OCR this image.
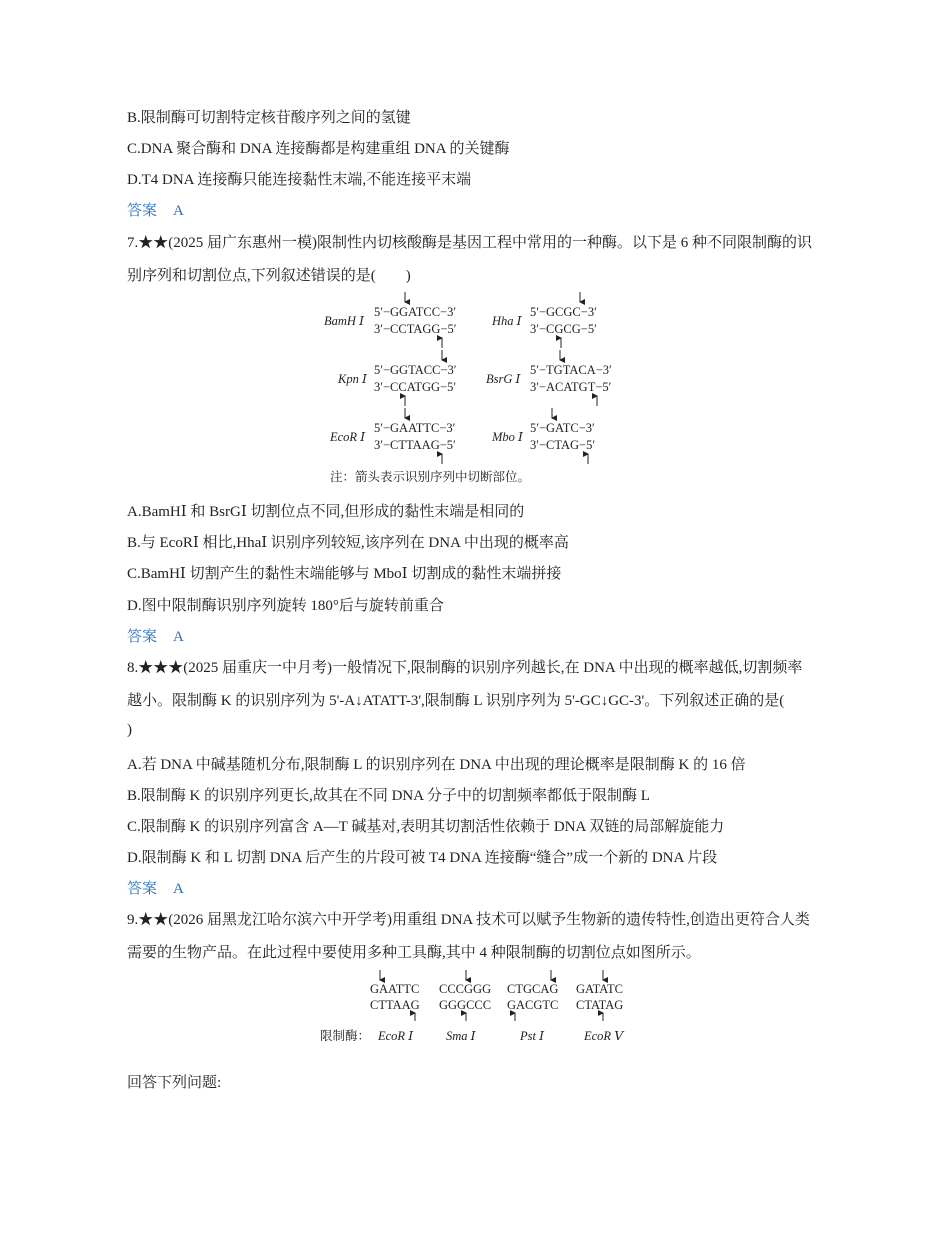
B.限制酶可切割特定核苷酸序列之间的氢键
C.DNA 聚合酶和 DNA 连接酶都是构建重组 DNA 的关键酶
D.T4 DNA 连接酶只能连接黏性末端,不能连接平末端
答案 A
7.★★(2025 届广东惠州一模)限制性内切核酸酶是基因工程中常用的一种酶。以下是 6 种不同限制酶的识
别序列和切割位点,下列叙述错误的是(　　)
BamH Ⅰ
5′−GGATCC−3′
3′−CCTAGG−5′
Hha Ⅰ
5′−GCGC−3′
3′−CGCG−5′
Kpn Ⅰ
5′−GGTACC−3′
3′−CCATGG−5′
BsrG Ⅰ
5′−TGTACA−3′
3′−ACATGT−5′
EcoR Ⅰ
5′−GAATTC−3′
3′−CTTAAG−5′
Mbo Ⅰ
5′−GATC−3′
3′−CTAG−5′
注：箭头表示识别序列中切断部位。
A.BamHⅠ 和 BsrGⅠ 切割位点不同,但形成的黏性末端是相同的
B.与 EcoRⅠ 相比,HhaⅠ 识别序列较短,该序列在 DNA 中出现的概率高
C.BamHⅠ 切割产生的黏性末端能够与 MboⅠ 切割成的黏性末端拼接
D.图中限制酶识别序列旋转 180°后与旋转前重合
答案 A
8.★★★(2025 届重庆一中月考)一般情况下,限制酶的识别序列越长,在 DNA 中出现的概率越低,切割频率
越小。限制酶 K 的识别序列为 5'-A↓ATATT-3',限制酶 L 识别序列为 5'-GC↓GC-3'。下列叙述正确的是(
)
A.若 DNA 中碱基随机分布,限制酶 L 的识别序列在 DNA 中出现的理论概率是限制酶 K 的 16 倍
B.限制酶 K 的识别序列更长,故其在不同 DNA 分子中的切割频率都低于限制酶 L
C.限制酶 K 的识别序列富含 A—T 碱基对,表明其切割活性依赖于 DNA 双链的局部解旋能力
D.限制酶 K 和 L 切割 DNA 后产生的片段可被 T4 DNA 连接酶“缝合”成一个新的 DNA 片段
答案 A
9.★★(2026 届黑龙江哈尔滨六中开学考)用重组 DNA 技术可以赋予生物新的遗传特性,创造出更符合人类
需要的生物产品。在此过程中要使用多种工具酶,其中 4 种限制酶的切割位点如图所示。
GAATTC
CTTAAG
CCCGGG
GGGCCC
CTGCAG
GACGTC
GATATC
CTATAG
限制酶： EcoR Ⅰ	Sma Ⅰ	Pst Ⅰ	EcoR Ⅴ
回答下列问题:
